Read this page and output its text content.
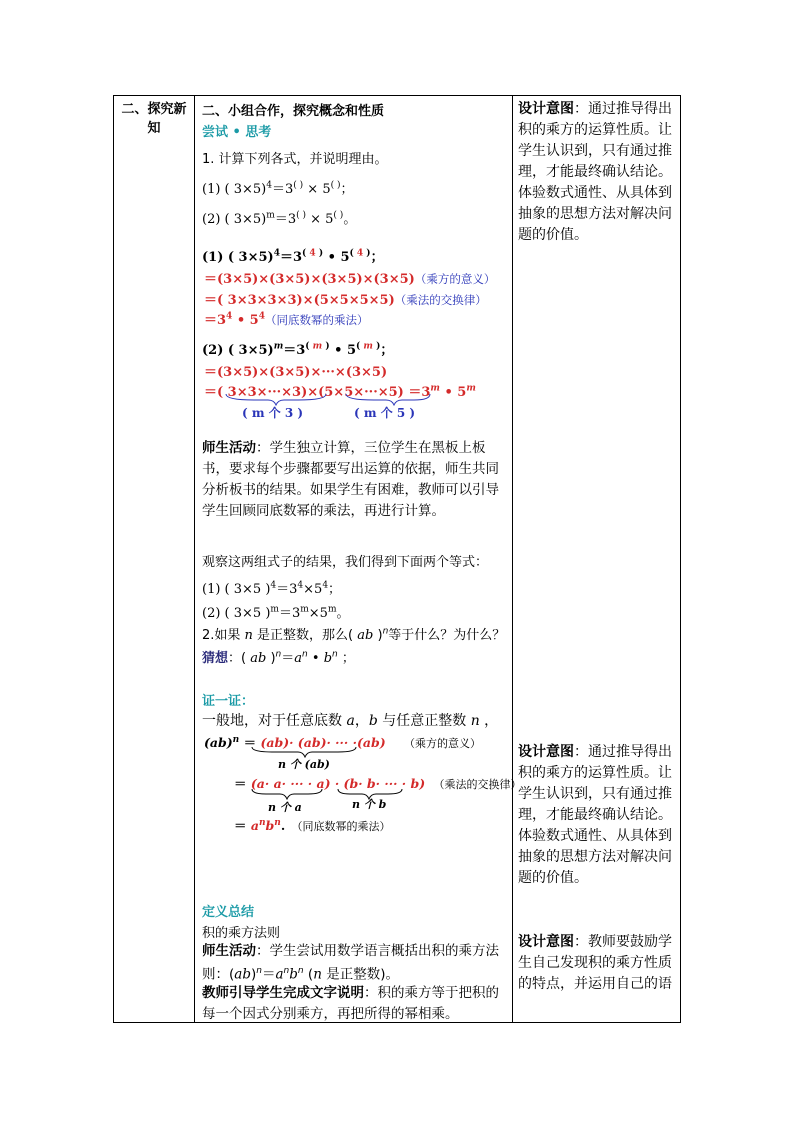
二、探究新
知
二、小组合作，探究概念和性质
尝试 • 思考
1. 计算下列各式，并说明理由。
(1) ( 3×5)$^4$＝3( ) × 5( )；
(2) ( 3×5)$^m$＝3( ) × 5( )。
(1) ( $3\times 5)^4=3^{( 4 )}$ • $5^{( 4 )}$；
＝(3×5)×(3×5)×(3×5)×(3×5)（乘方的意义）
＝( 3×3×3×3)×(5×5×5×5)（乘法的交换律）
$=3^4$ • $5^4$（同底数幂的乘法）
(2) ( $3\times 5)^m=3^{( m )}$ • $5^{( m )}$；
＝(3×5)×(3×5)×···×(3×5)
＝( $3\times 3\times\cdot\cdot\cdot\times 3)\times(5\times 5\times\cdot\cdot\cdot\times 5) =3^m$ • 5$^m$
( m 个 3 )	( m 个 5 )
师生活动：学生独立计算，三位学生在黑板上板书，要求每个步骤都要写出运算的依据，师生共同分析板书的结果。如果学生有困难，教师可以引导学生回顾同底数幂的乘法，再进行计算。
观察这两组式子的结果，我们得到下面两个等式：
(1) ( 3×5 )$^4=3^4\times 5^4$；
(2) ( 3×5 )$^m=3^m\times 5^m$。
2.如果 n 是正整数，那么( ab )$^n$等于什么？为什么？
猜想：( ab )$^n=a^n$ • $b^n$ ；
证一证：
一般地，对于任意底数 a，b 与任意正整数 n ，
(ab)$^n$ ＝ (ab)· (ab)· ··· ·(ab) （乘方的意义）
n 个 (ab)
＝ (a· a· ··· · a) · (b· b· ··· · b) （乘法的交换律）
n 个 a	n 个 b
＝ $a^nb^n$. （同底数幂的乘法）
定义总结
积的乘方法则
师生活动：学生尝试用数学语言概括出积的乘方法则：$(ab)^n=a^nb^n$ (n 是正整数)。
教师引导学生完成文字说明：积的乘方等于把积的每一个因式分别乘方，再把所得的幂相乘。
设计意图：通过推导得出积的乘方的运算性质。让学生认识到，只有通过推理，才能最终确认结论。体验数式通性、从具体到抽象的思想方法对解决问题的价值。
设计意图：通过推导得出积的乘方的运算性质。让学生认识到，只有通过推理，才能最终确认结论。体验数式通性、从具体到抽象的思想方法对解决问题的价值。
设计意图：教师要鼓励学生自己发现积的乘方性质的特点，并运用自己的语
